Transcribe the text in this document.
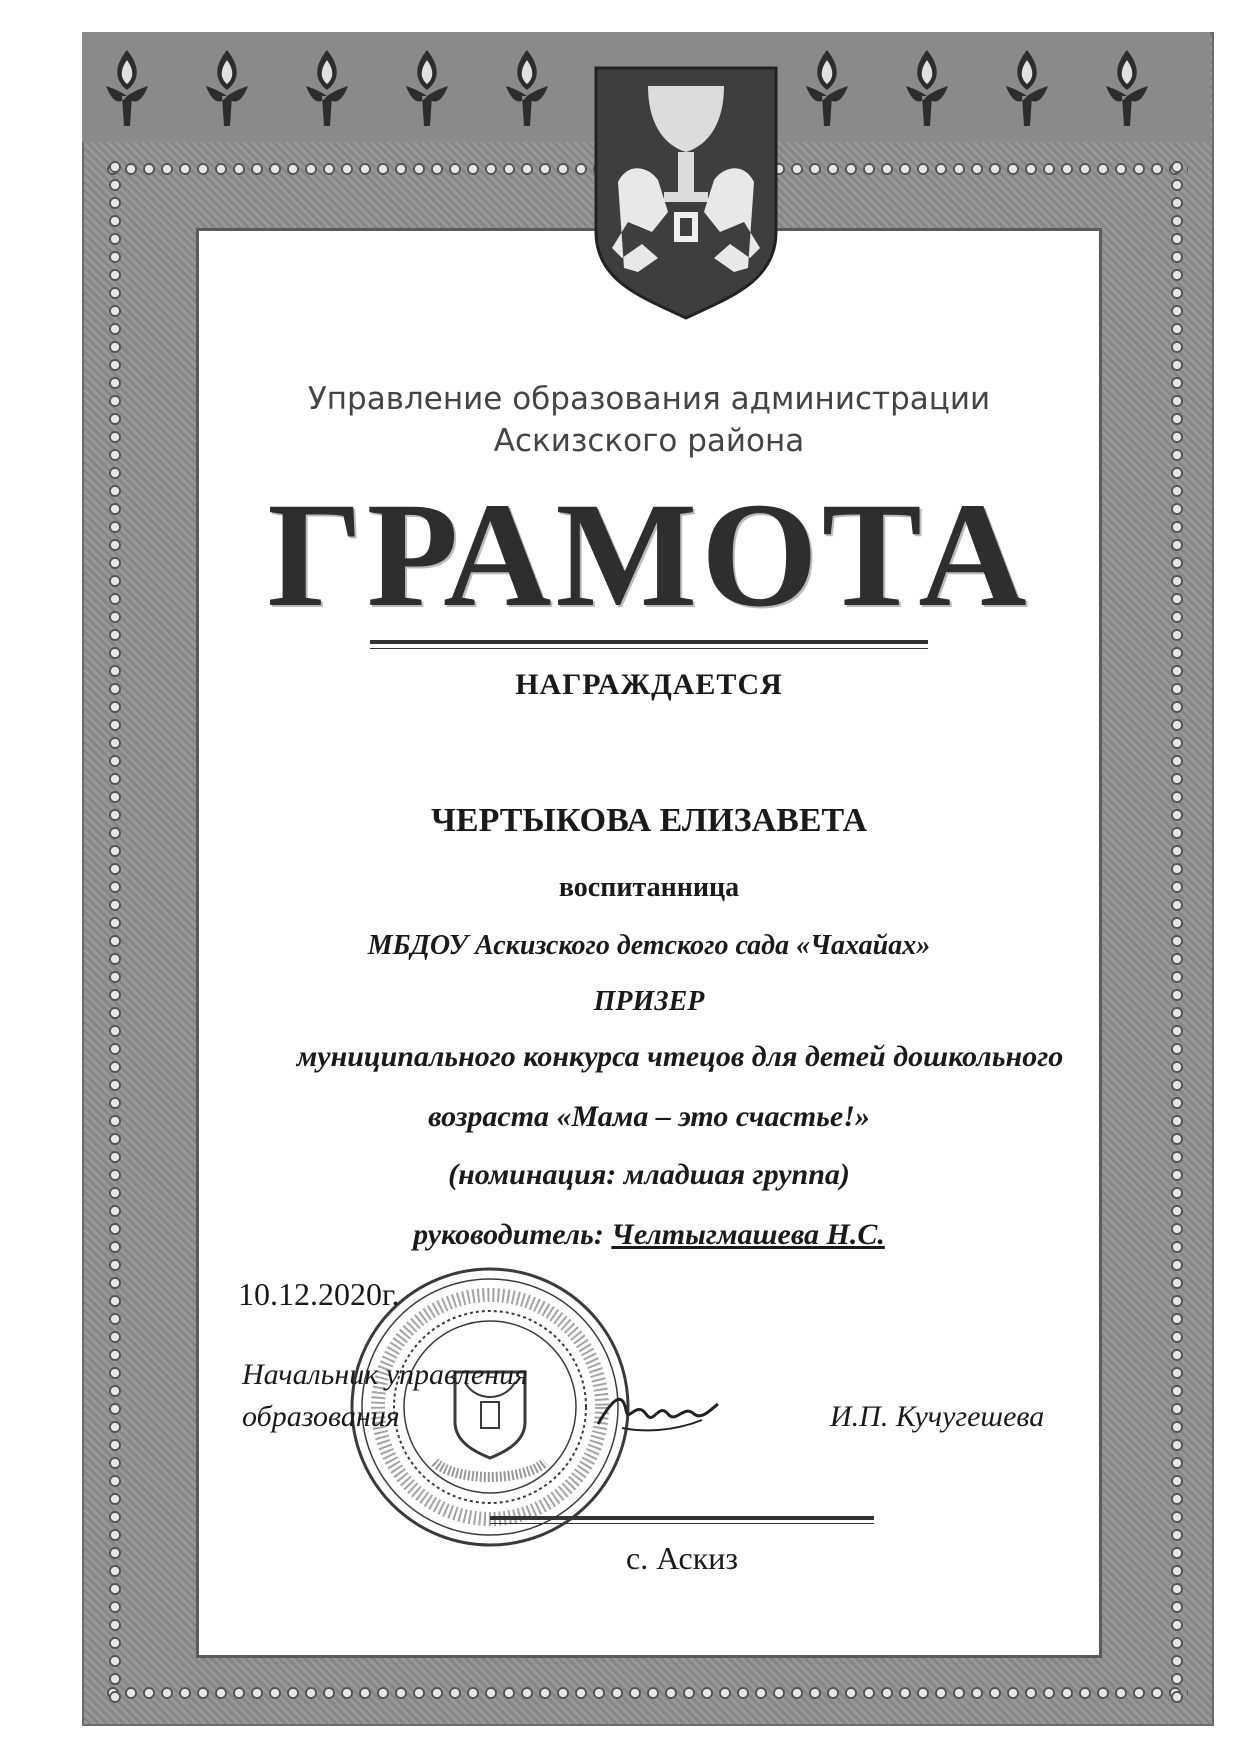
Управление образования администрации
Аскизского района
ГРАМОТА
НАГРАЖДАЕТСЯ
ЧЕРТЫКОВА ЕЛИЗАВЕТА
воспитанница
МБДОУ Аскизского детского сада «Чахайах»
ПРИЗЕР
муниципального конкурса чтецов для детей дошкольного
возраста «Мама – это счастье!»
(номинация: младшая группа)
руководитель: Челтыгмашева Н.С.
10.12.2020г.
Начальник управления
образования	И.П. Кучугешева
с. Аскиз
